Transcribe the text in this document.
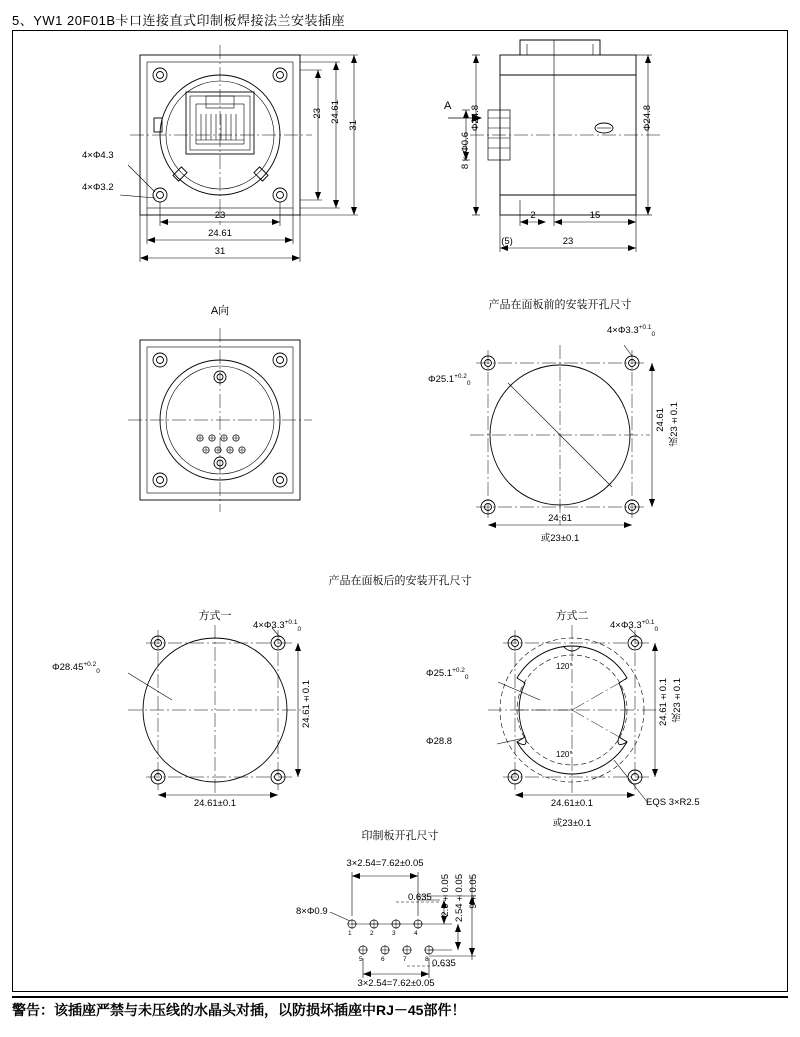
5、YW1 20F01B卡口连接直式印制板焊接法兰安装插座
23 24.61
31
23
24.61
31
4×Φ4.3
4×Φ3.2
A Φ24.8
8×Φ0.6
Φ24.8
2	15
(5)	23
A向	产品在面板前的安装开孔尺寸
产品在面板后的安装开孔尺寸
方式一	方式二
印制板开孔尺寸
$4\times\Phi 3.3^{+0.1}_0$
$\Phi 25.1^{+0.2}_0$
24.61 或23±0.1
24.61
或23±0.1
$4\times\Phi 3.3^{+0.1}_0$
$\Phi 28.45^{+0.2}_0$
24.61±0.1
24.61±0.1
$4\times\Phi 3.3^{+0.1}_0$
$\Phi 25.1^{+0.2}_0$
Φ28.8
120°
120°
24.61±0.1 或23±0.1
24.61±0.1
或23±0.1
EQS 3×R2.5
3×2.54=7.62±0.05
3×2.54=7.62±0.05
0.635
0.635
8×Φ0.9	2.9±0.05 2.54±0.05 9±0.05
1	2	3	4
5	6	7	8
警告：该插座严禁与未压线的水晶头对插，以防损坏插座中RJ－45部件！
